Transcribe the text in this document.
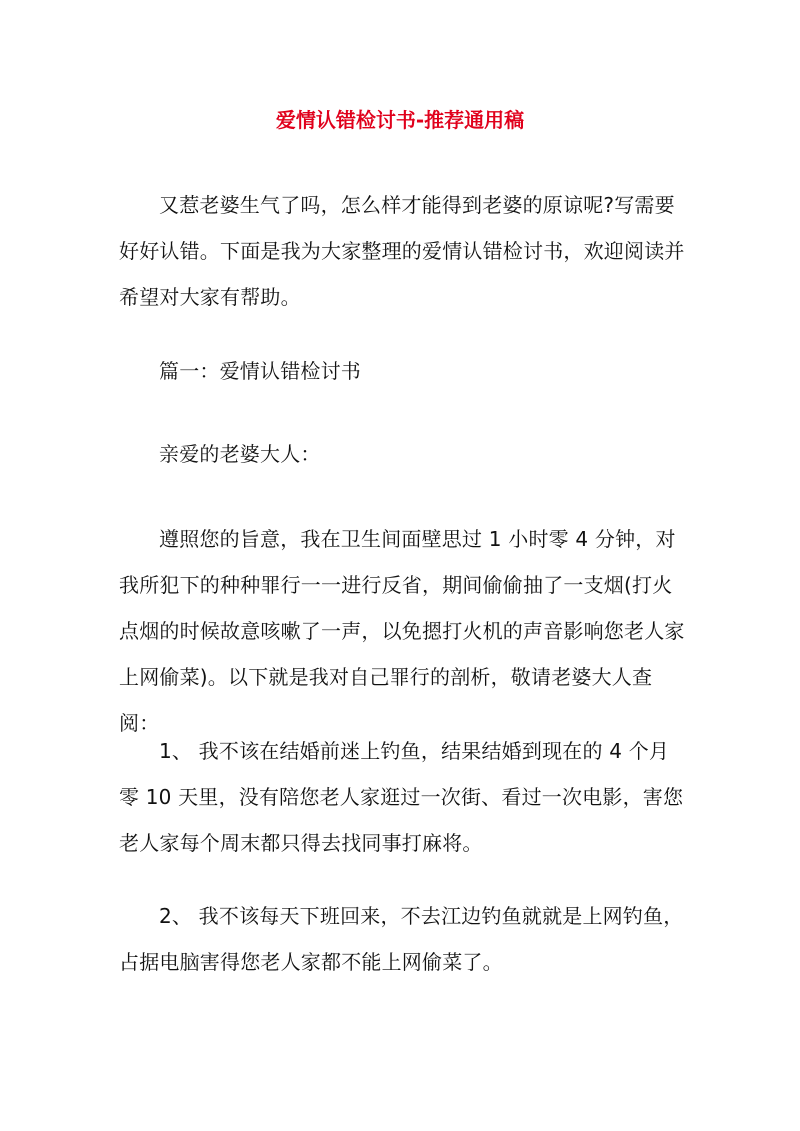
爱情认错检讨书-推荐通用稿

又惹老婆生气了吗，怎么样才能得到老婆的原谅呢?写需要好好认错。下面是我为大家整理的爱情认错检讨书，欢迎阅读并希望对大家有帮助。

篇一：爱情认错检讨书

亲爱的老婆大人：

遵照您的旨意，我在卫生间面壁思过 1 小时零 4 分钟，对我所犯下的种种罪行一一进行反省，期间偷偷抽了一支烟(打火点烟的时候故意咳嗽了一声，以免摁打火机的声音影响您老人家上网偷菜)。以下就是我对自己罪行的剖析，敬请老婆大人查阅：

1、 我不该在结婚前迷上钓鱼，结果结婚到现在的 4 个月零 10 天里，没有陪您老人家逛过一次街、看过一次电影，害您老人家每个周末都只得去找同事打麻将。

2、 我不该每天下班回来，不去江边钓鱼就就是上网钓鱼，占据电脑害得您老人家都不能上网偷菜了。
